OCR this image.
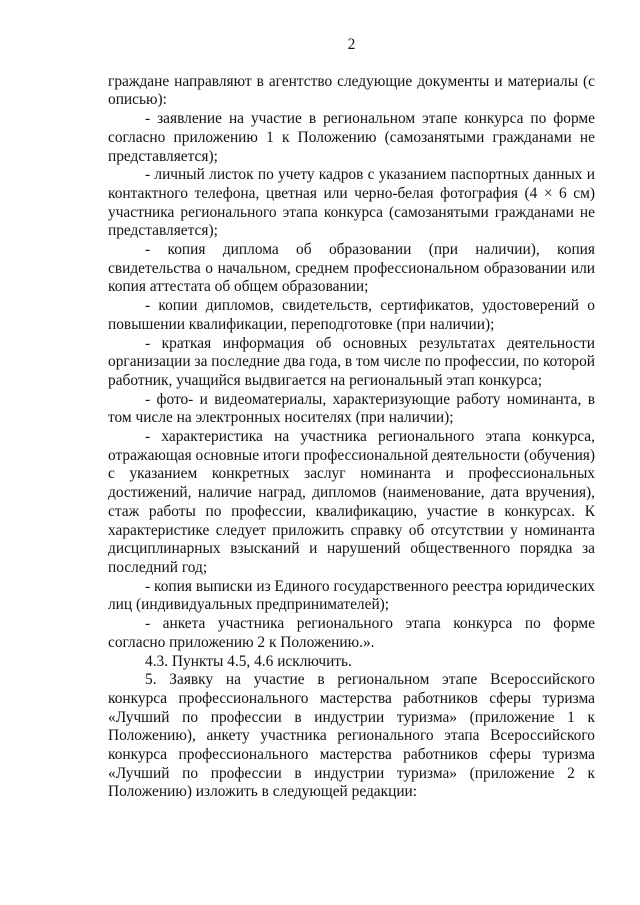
2

граждане направляют в агентство следующие документы и материалы (с описью):

- заявление на участие в региональном этапе конкурса по форме согласно приложению 1 к Положению (самозанятыми гражданами не представляется);

- личный листок по учету кадров с указанием паспортных данных и контактного телефона, цветная или черно-белая фотография (4 × 6 см) участника регионального этапа конкурса (самозанятыми гражданами не представляется);

- копия диплома об образовании (при наличии), копия свидетельства о начальном, среднем профессиональном образовании или копия аттестата об общем образовании;

- копии дипломов, свидетельств, сертификатов, удостоверений о повышении квалификации, переподготовке (при наличии);

- краткая информация об основных результатах деятельности организации за последние два года, в том числе по профессии, по которой работник, учащийся выдвигается на региональный этап конкурса;

- фото- и видеоматериалы, характеризующие работу номинанта, в том числе на электронных носителях (при наличии);

- характеристика на участника регионального этапа конкурса, отражающая основные итоги профессиональной деятельности (обучения) с указанием конкретных заслуг номинанта и профессиональных достижений, наличие наград, дипломов (наименование, дата вручения), стаж работы по профессии, квалификацию, участие в конкурсах. К характеристике следует приложить справку об отсутствии у номинанта дисциплинарных взысканий и нарушений общественного порядка за последний год;

- копия выписки из Единого государственного реестра юридических лиц (индивидуальных предпринимателей);

- анкета участника регионального этапа конкурса по форме согласно приложению 2 к Положению.».

4.3. Пункты 4.5, 4.6 исключить.

5. Заявку на участие в региональном этапе Всероссийского конкурса профессионального мастерства работников сферы туризма «Лучший по профессии в индустрии туризма» (приложение 1 к Положению), анкету участника регионального этапа Всероссийского конкурса профессионального мастерства работников сферы туризма «Лучший по профессии в индустрии туризма» (приложение 2 к Положению) изложить в следующей редакции:
